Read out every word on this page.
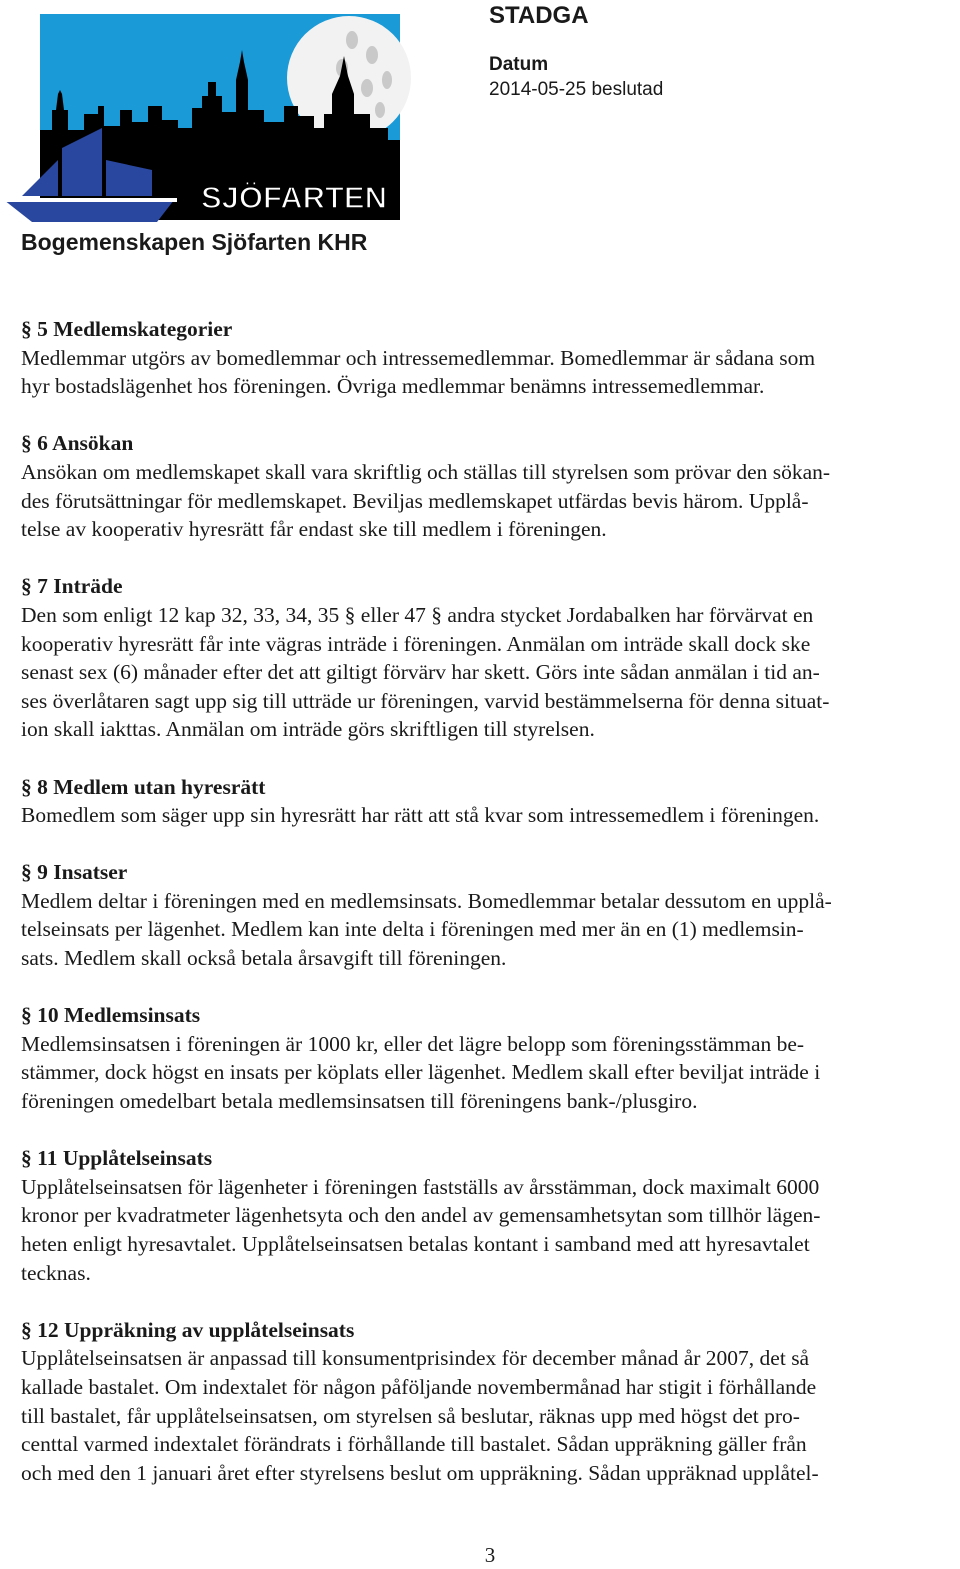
SJÖFARTEN
STADGA
Datum
2014-05-25 beslutad
Bogemenskapen Sjöfarten KHR
§ 5 Medlemskategorier

Medlemmar utgörs av bomedlemmar och intressemedlemmar. Bomedlemmar är sådana som

hyr bostadslägenhet hos föreningen. Övriga medlemmar benämns intressemedlemmar.

§ 6 Ansökan

Ansökan om medlemskapet skall vara skriftlig och ställas till styrelsen som prövar den sökan-

des förutsättningar för medlemskapet. Beviljas medlemskapet utfärdas bevis härom. Upplå-

telse av kooperativ hyresrätt får endast ske till medlem i föreningen.

§ 7 Inträde

Den som enligt 12 kap 32, 33, 34, 35 § eller 47 § andra stycket Jordabalken har förvärvat en

kooperativ hyresrätt får inte vägras inträde i föreningen. Anmälan om inträde skall dock ske

senast sex (6) månader efter det att giltigt förvärv har skett. Görs inte sådan anmälan i tid an-

ses överlåtaren sagt upp sig till utträde ur föreningen, varvid bestämmelserna för denna situat-

ion skall iakttas. Anmälan om inträde görs skriftligen till styrelsen.

§ 8 Medlem utan hyresrätt

Bomedlem som säger upp sin hyresrätt har rätt att stå kvar som intressemedlem i föreningen.

§ 9 Insatser

Medlem deltar i föreningen med en medlemsinsats. Bomedlemmar betalar dessutom en upplå-

telseinsats per lägenhet. Medlem kan inte delta i föreningen med mer än en (1) medlemsin-

sats. Medlem skall också betala årsavgift till föreningen.

§ 10 Medlemsinsats

Medlemsinsatsen i föreningen är 1000 kr, eller det lägre belopp som föreningsstämman be-

stämmer, dock högst en insats per köplats eller lägenhet. Medlem skall efter beviljat inträde i

föreningen omedelbart betala medlemsinsatsen till föreningens bank-/plusgiro.

§ 11 Upplåtelseinsats

Upplåtelseinsatsen för lägenheter i föreningen fastställs av årsstämman, dock maximalt 6000

kronor per kvadratmeter lägenhetsyta och den andel av gemensamhetsytan som tillhör lägen-

heten enligt hyresavtalet. Upplåtelseinsatsen betalas kontant i samband med att hyresavtalet

tecknas.

§ 12 Uppräkning av upplåtelseinsats

Upplåtelseinsatsen är anpassad till konsumentprisindex för december månad år 2007, det så

kallade bastalet. Om indextalet för någon påföljande novembermånad har stigit i förhållande

till bastalet, får upplåtelseinsatsen, om styrelsen så beslutar, räknas upp med högst det pro-

centtal varmed indextalet förändrats i förhållande till bastalet. Sådan uppräkning gäller från

och med den 1 januari året efter styrelsens beslut om uppräkning. Sådan uppräknad upplåtel-

3
